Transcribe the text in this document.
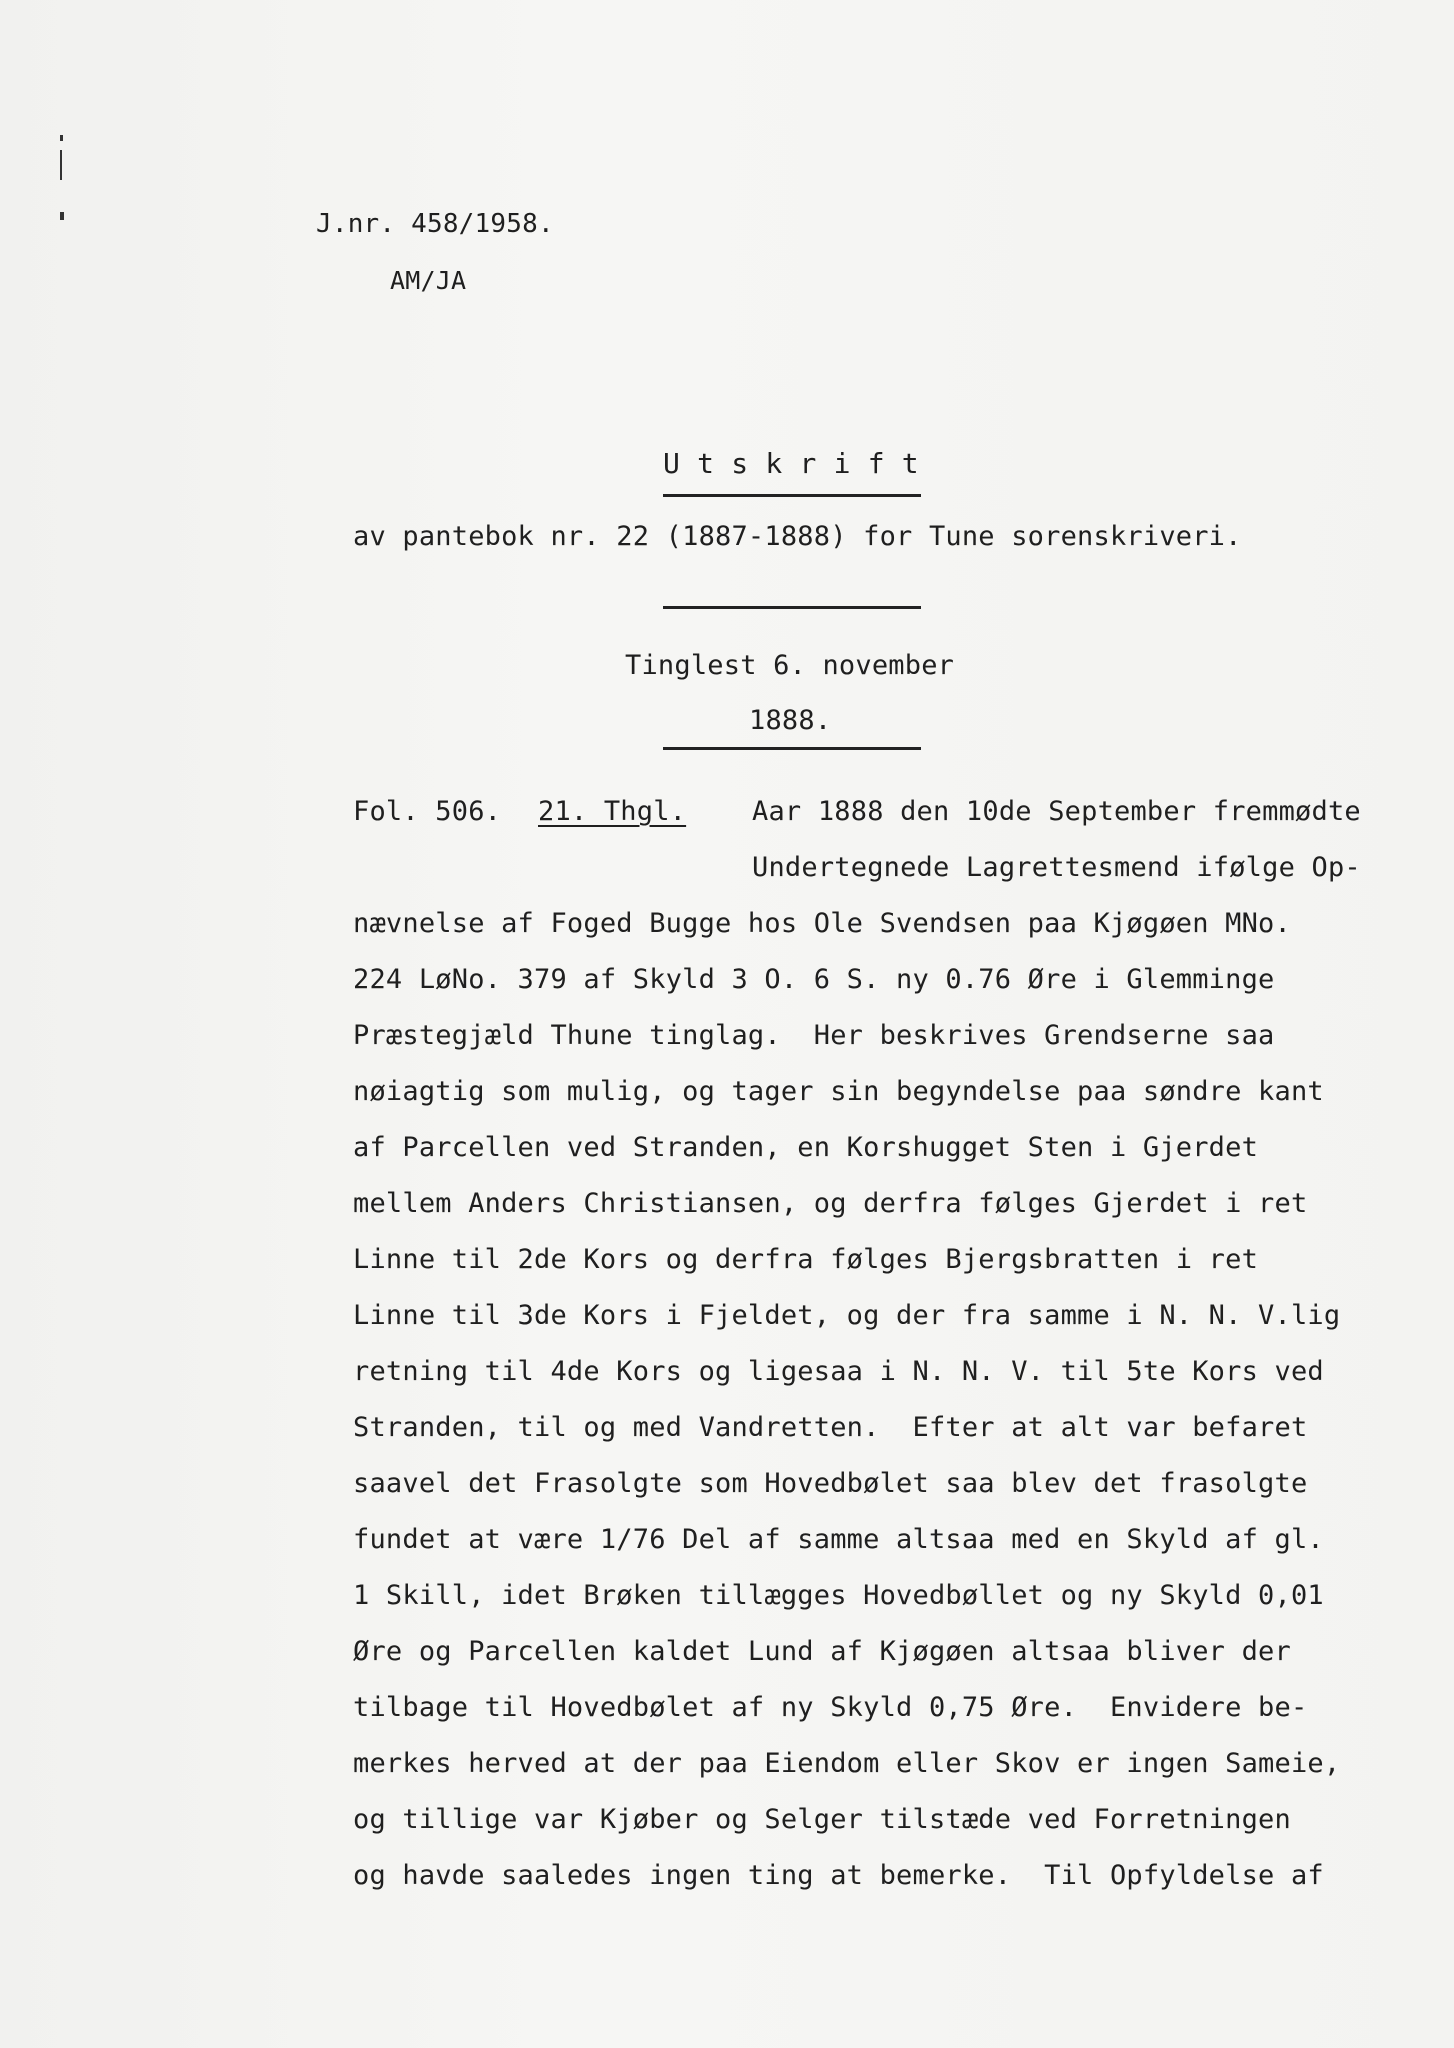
J.nr. 458/1958.
AM/JA
U t s k r i f t
av pantebok nr. 22 (1887-1888) for Tune sorenskriveri.
Tinglest 6. november
1888.
Fol. 506. 21. Thgl. Aar 1888 den 10de September fremmødte
Undertegnede Lagrettesmend ifølge Op-
nævnelse af Foged Bugge hos Ole Svendsen paa Kjøgøen MNo.
224 LøNo. 379 af Skyld 3 O. 6 S. ny 0.76 Øre i Glemminge
Præstegjæld Thune tinglag.  Her beskrives Grendserne saa
nøiagtig som mulig, og tager sin begyndelse paa søndre kant
af Parcellen ved Stranden, en Korshugget Sten i Gjerdet
mellem Anders Christiansen, og derfra følges Gjerdet i ret
Linne til 2de Kors og derfra følges Bjergsbratten i ret
Linne til 3de Kors i Fjeldet, og der fra samme i N. N. V.lig
retning til 4de Kors og ligesaa i N. N. V. til 5te Kors ved
Stranden, til og med Vandretten.  Efter at alt var befaret
saavel det Frasolgte som Hovedbølet saa blev det frasolgte
fundet at være 1/76 Del af samme altsaa med en Skyld af gl.
1 Skill, idet Brøken tillægges Hovedbøllet og ny Skyld 0,01
Øre og Parcellen kaldet Lund af Kjøgøen altsaa bliver der
tilbage til Hovedbølet af ny Skyld 0,75 Øre.  Envidere be-
merkes herved at der paa Eiendom eller Skov er ingen Sameie,
og tillige var Kjøber og Selger tilstæde ved Forretningen
og havde saaledes ingen ting at bemerke.  Til Opfyldelse af
